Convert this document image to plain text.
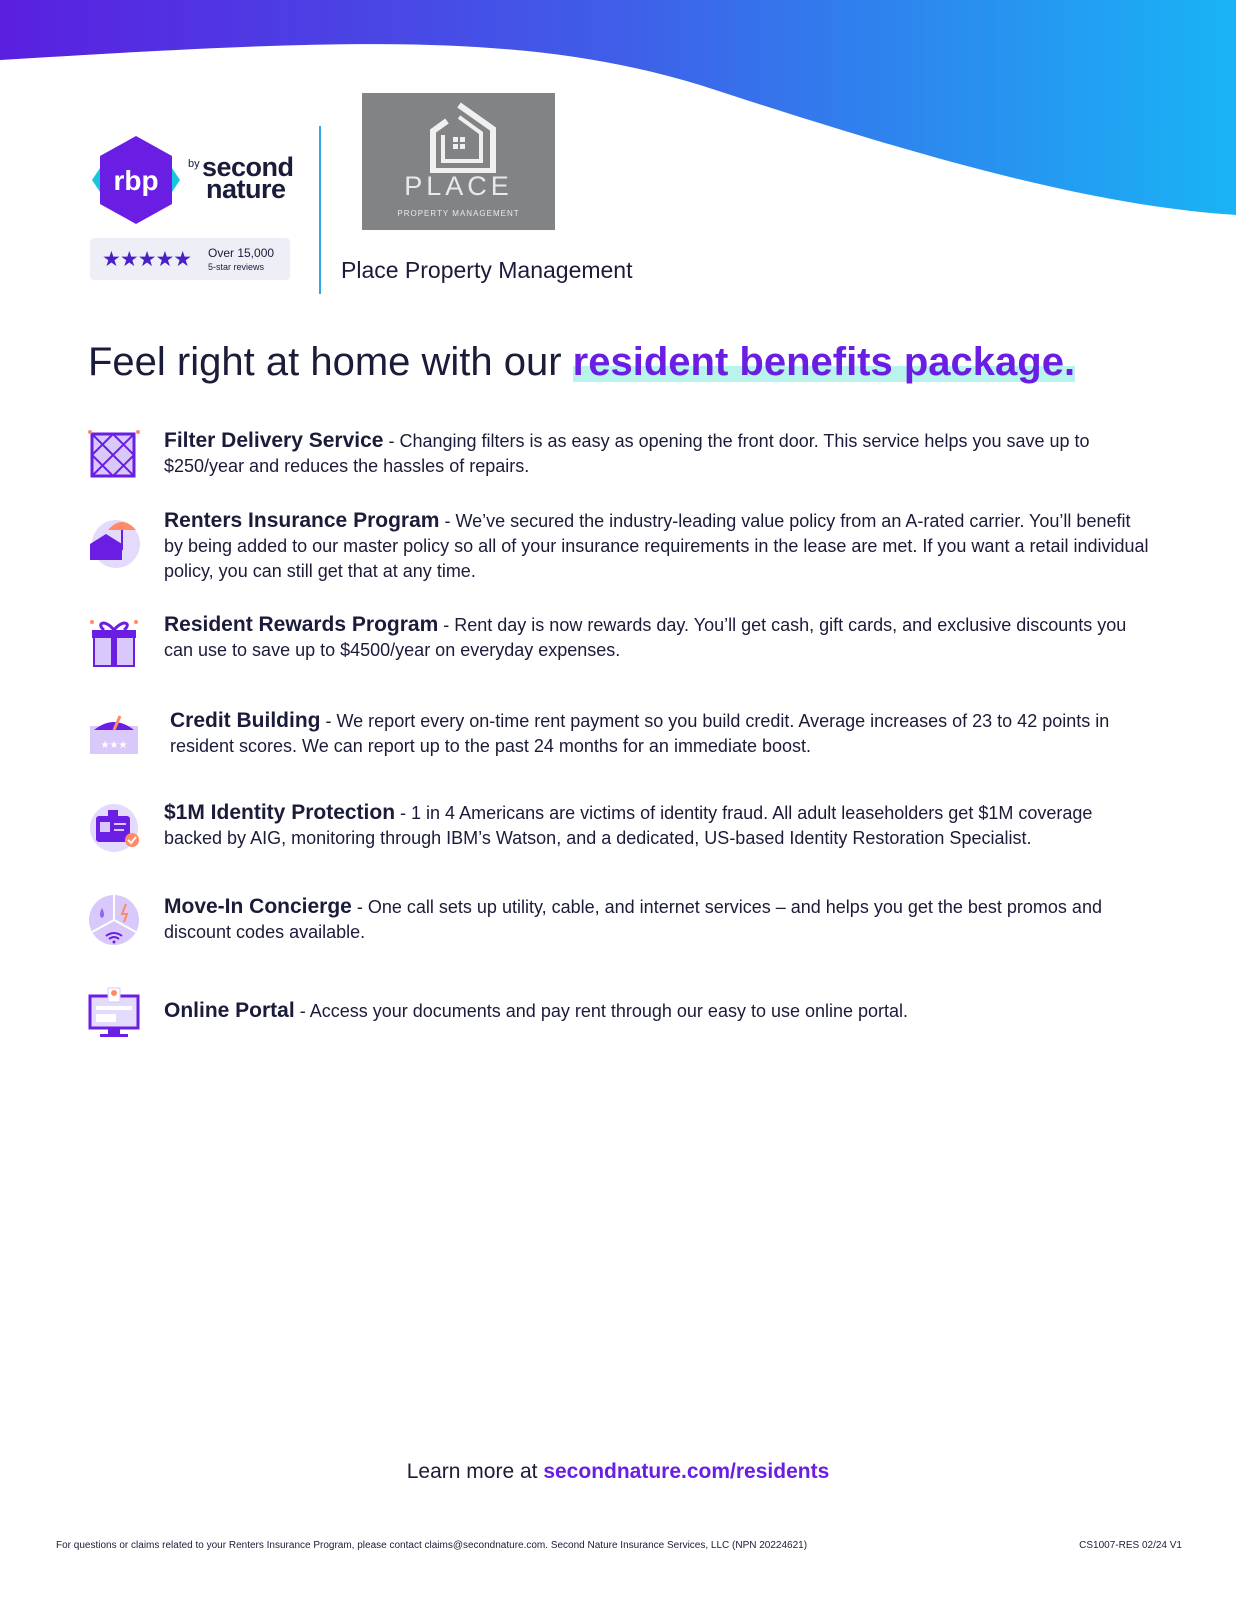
rbp
by second
nature
★★★★★ Over 15,000
5-star reviews
PLACE
PROPERTY MANAGEMENT
Place Property Management
Feel right at home with our resident benefits package.
★★★
Filter Delivery Service - Changing filters is as easy as opening the front door. This service helps you save up to $250/year and reduces the hassles of repairs.
Renters Insurance Program - We’ve secured the industry-leading value policy from an A-rated carrier. You’ll benefit by being added to our master policy so all of your insurance requirements in the lease are met. If you want a retail individual policy, you can still get that at any time.
Resident Rewards Program - Rent day is now rewards day. You’ll get cash, gift cards, and exclusive discounts you can use to save up to $4500/year on everyday expenses.
Credit Building - We report every on-time rent payment so you build credit. Average increases of 23 to 42 points in resident scores. We can report up to the past 24 months for an immediate boost.
$1M Identity Protection - 1 in 4 Americans are victims of identity fraud. All adult leaseholders get $1M coverage backed by AIG, monitoring through IBM’s Watson, and a dedicated, US-based Identity Restoration Specialist.
Move-In Concierge - One call sets up utility, cable, and internet services – and helps you get the best promos and discount codes available.
Online Portal - Access your documents and pay rent through our easy to use online portal.
Learn more at secondnature.com/residents
For questions or claims related to your Renters Insurance Program, please contact claims@secondnature.com. Second Nature Insurance Services, LLC (NPN 20224621)	CS1007-RES 02/24 V1
